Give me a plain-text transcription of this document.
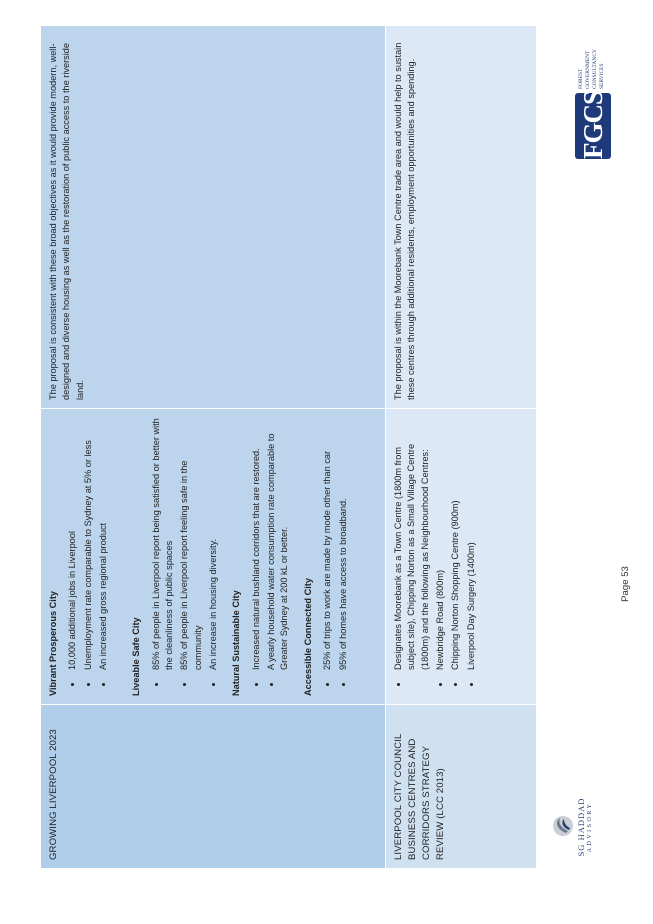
GROWING LIVERPOOL 2023
Vibrant Prosperous City • 10,000 additional jobs in Liverpool • Unemployment rate comparable to Sydney at 5% or less • An increased gross regional product	Liveable Safe City • 85% of people in Liverpool report being satisfied or better with the cleanliness of public spaces • 85% of people in Liverpool report feeling safe in the community • An increase in housing diversity. Natural Sustainable City • Increased natural bushland corridors that are restored. • A yearly household water consumption rate comparable to Greater Sydney at 200 kL or better. Accessible Connected City • 25% of trips to work are made by mode other than car • 95% of homes have access to broadband.

The proposal is consistent with these broad objectives as it would provide modern, well-designed and diverse housing as well as the restoration of public access to the riverside land.

LIVERPOOL CITY COUNCIL BUSINESS CENTRES AND CORRIDORS STRATEGY REVIEW (LCC 2013)
• Designates Moorebank as a Town Centre (1800m from subject site), Chipping Norton as a Small Village Centre (1800m) and the following as Neighbourhood Centres: • Newbridge Road (800m) • Chipping Norton Shopping Centre (900m) • Liverpool Day Surgery (1400m)

The proposal is within the Moorebank Town Centre trade area and would help to sustain these centres through additional residents, employment opportunities and spending.

SG HADDAD ADVISORY
Page 53
FGCS
FOREST GOVERNMENT CONSULTANCY SERVICES
